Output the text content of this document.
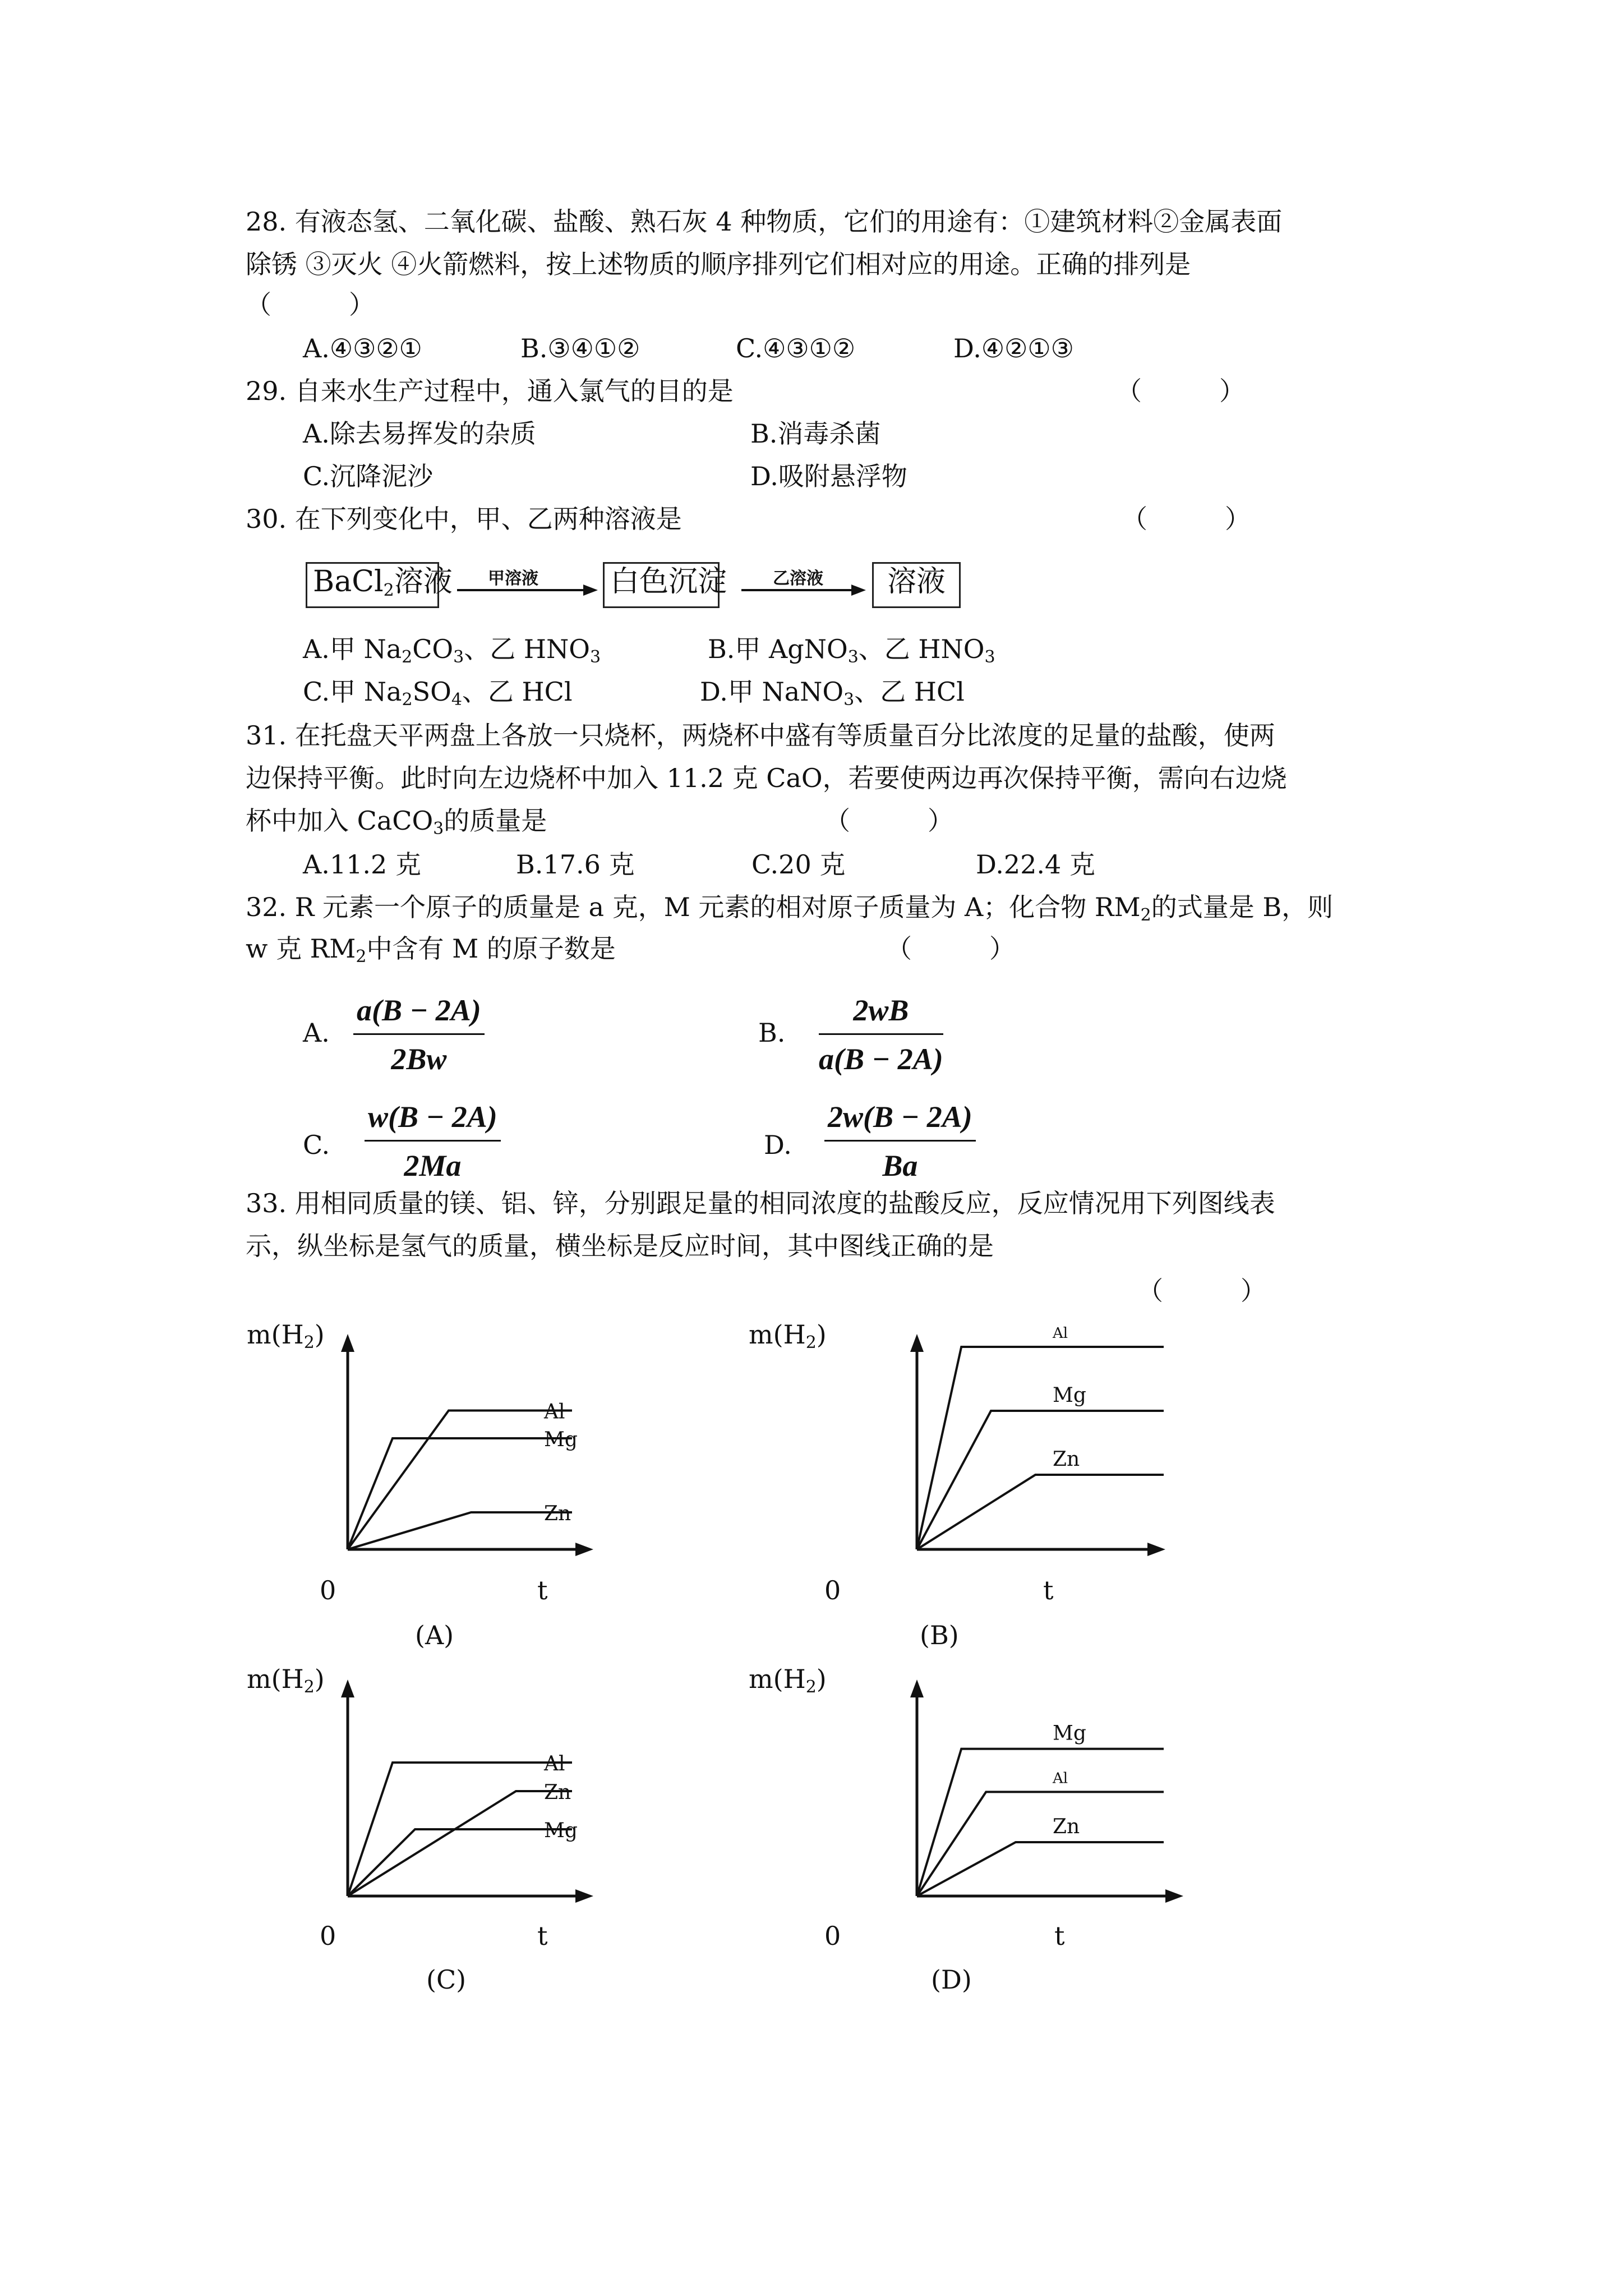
28. 有液态氢、二氧化碳、盐酸、熟石灰 4 种物质，它们的用途有：①建筑材料②金属表面
除锈 ③灭火 ④火箭燃料，按上述物质的顺序排列它们相对应的用途。正确的排列是
（　　　）
A.④③②①	B.③④①②	C.④③①②	D.④②①③
29. 自来水生产过程中，通入氯气的目的是	（　　　）
A.除去易挥发的杂质	B.消毒杀菌
C.沉降泥沙	D.吸附悬浮物
30. 在下列变化中，甲、乙两种溶液是	（　　　）
BaCl$_2$溶液 甲溶液 白色沉淀	乙溶液	溶液
A.甲 $Na_2CO_3$、乙 $HNO_3$	B.甲 AgNO$_3$、乙 $HNO_3$
C.甲 $Na_2SO_4$、乙 HCl	D.甲 NaNO$_3$、乙 HCl
31. 在托盘天平两盘上各放一只烧杯，两烧杯中盛有等质量百分比浓度的足量的盐酸，使两
边保持平衡。此时向左边烧杯中加入 11.2 克 CaO，若要使两边再次保持平衡，需向右边烧
杯中加入 CaCO$_3$的质量是	（　　　）
A.11.2 克	B.17.6 克	C.20 克	D.22.4 克
32. R 元素一个原子的质量是 a 克，M 元素的相对原子质量为 A；化合物 $RM_2$的式量是 B，则
w 克 $RM_2$中含有 M 的原子数是	（　　　）
A. $\frac{a(B - 2A)}{2Bw}$	B. $\frac{2wB}{a(B - 2A)}$
C. $\frac{w(B - 2A)}{2Ma}$	D. $\frac{2w(B - 2A)}{Ba}$
33. 用相同质量的镁、铝、锌，分别跟足量的相同浓度的盐酸反应，反应情况用下列图线表
示，纵坐标是氢气的质量，横坐标是反应时间，其中图线正确的是
（　　　）
$m(H_2)$
0	t
(A)
$m(H_2)$
0	t
(B)
$m(H_2)$
0	t
(C)
$m(H_2)$
0	t
(D)
Al
Mg
Zn
Al
Mg
Zn
Al
Zn
Mg
Mg
Al
Zn
